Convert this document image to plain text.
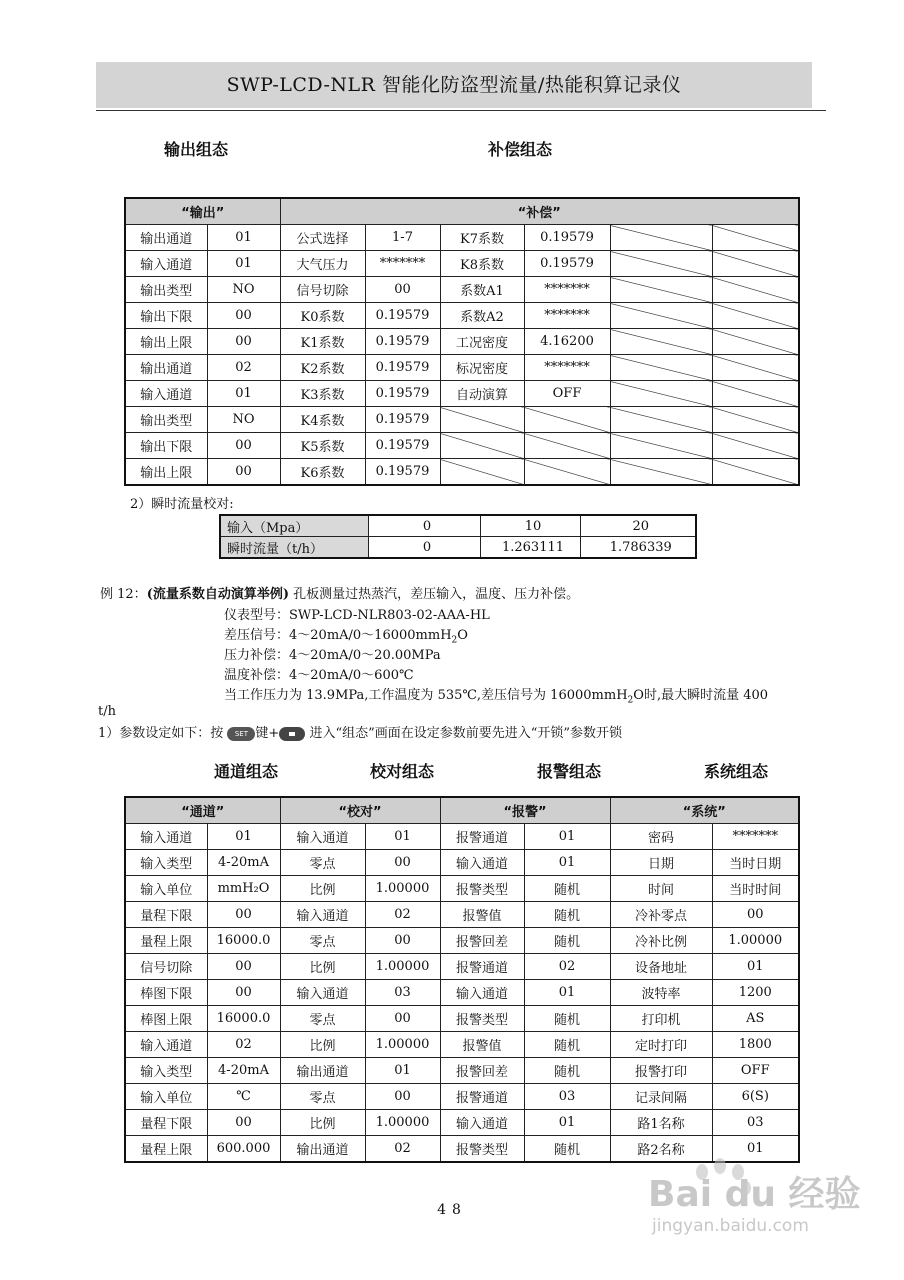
SWP-LCD-NLR 智能化防盗型流量/热能积算记录仪
输出组态	补偿组态
“输出”		“补偿”					
输出通道	01	公式选择	1-7	K7系数	0.19579		
输入通道	01	大气压力	*******	K8系数	0.19579		
输出类型	NO	信号切除	00	系数A1	*******		
输出下限	00	K0系数	0.19579	系数A2	*******		
输出上限	00	K1系数	0.19579	工况密度	4.16200		
输出通道	02	K2系数	0.19579	标况密度	*******		
输入通道	01	K3系数	0.19579	自动演算	OFF		
输出类型	NO	K4系数	0.19579				
输出下限	00	K5系数	0.19579				
输出上限	00	K6系数	0.19579				
2）瞬时流量校对:
输入（Mpa）	0	10	20
瞬时流量（t/h）	0	1.263111	1.786339
例 12：(流量系数自动演算举例) 孔板测量过热蒸汽，差压输入，温度、压力补偿。
仪表型号：SWP-LCD-NLR803-02-AAA-HL
差压信号：4～20mA/0～16000mmH$_2$O
压力补偿：4～20mA/0～20.00MPa
温度补偿：4～20mA/0～600℃
当工作压力为 13.9MPa,工作温度为 535℃,差压信号为 16000mmH$_2$O时,最大瞬时流量 400
t/h
1）参数设定如下：按 SET 键+ 进入“组态”画面在设定参数前要先进入“开锁”参数开锁
通道组态	校对组态	报警组态	系统组态
“通道”		“校对”		“报警”		“系统”	
输入通道	01	输入通道	01	报警通道	01	密码	*******
输入类型	4-20mA	零点	00	输入通道	01	日期	当时日期
输入单位	mmH₂O	比例	1.00000	报警类型	随机	时间	当时时间
量程下限	00	输入通道	02	报警值	随机	冷补零点	00
量程上限	16000.0	零点	00	报警回差	随机	冷补比例	1.00000
信号切除	00	比例	1.00000	报警通道	02	设备地址	01
棒图下限	00	输入通道	03	输入通道	01	波特率	1200
棒图上限	16000.0	零点	00	报警类型	随机	打印机	AS
输入通道	02	比例	1.00000	报警值	随机	定时打印	1800
输入类型	4-20mA	输出通道	01	报警回差	随机	报警打印	OFF
输入单位	℃	零点	00	报警通道	03	记录间隔	6(S)
量程下限	00	比例	1.00000	输入通道	01	路1名称	03
量程上限	600.000	输出通道	02	报警类型	随机	路2名称	01
48	Bai du 经验
jingyan.baidu.com
